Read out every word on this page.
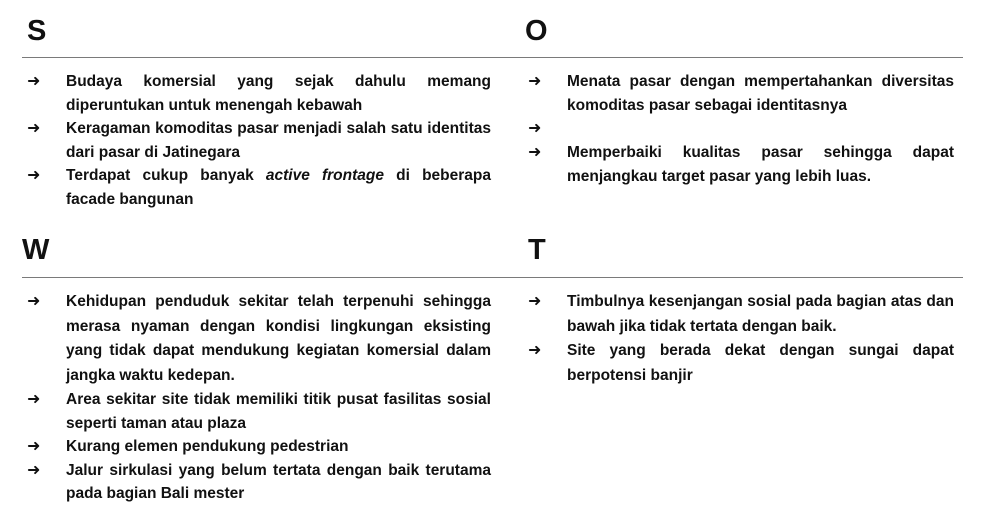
S
➜	Budaya komersial yang sejak dahulu memang diperuntukan untuk menengah kebawah
➜	Keragaman komoditas pasar menjadi salah satu identitas dari pasar di Jatinegara
➜	Terdapat cukup banyak active frontage di beberapa facade bangunan
O
➜	Menata pasar dengan mempertahankan diversitas komoditas pasar sebagai identitasnya
➜
➜	Memperbaiki kualitas pasar sehingga dapat menjangkau target pasar yang lebih luas.
W
➜	Kehidupan penduduk sekitar telah terpenuhi sehingga merasa nyaman dengan kondisi lingkungan eksisting yang tidak dapat mendukung kegiatan komersial dalam jangka waktu kedepan.
➜	Area sekitar site tidak memiliki titik pusat fasilitas sosial seperti taman atau plaza
➜	Kurang elemen pendukung pedestrian
➜	Jalur sirkulasi yang belum tertata dengan baik terutama pada bagian Bali mester
T
➜	Timbulnya kesenjangan sosial pada bagian atas dan bawah jika tidak tertata dengan baik.
➜	Site yang berada dekat dengan sungai dapat berpotensi banjir
